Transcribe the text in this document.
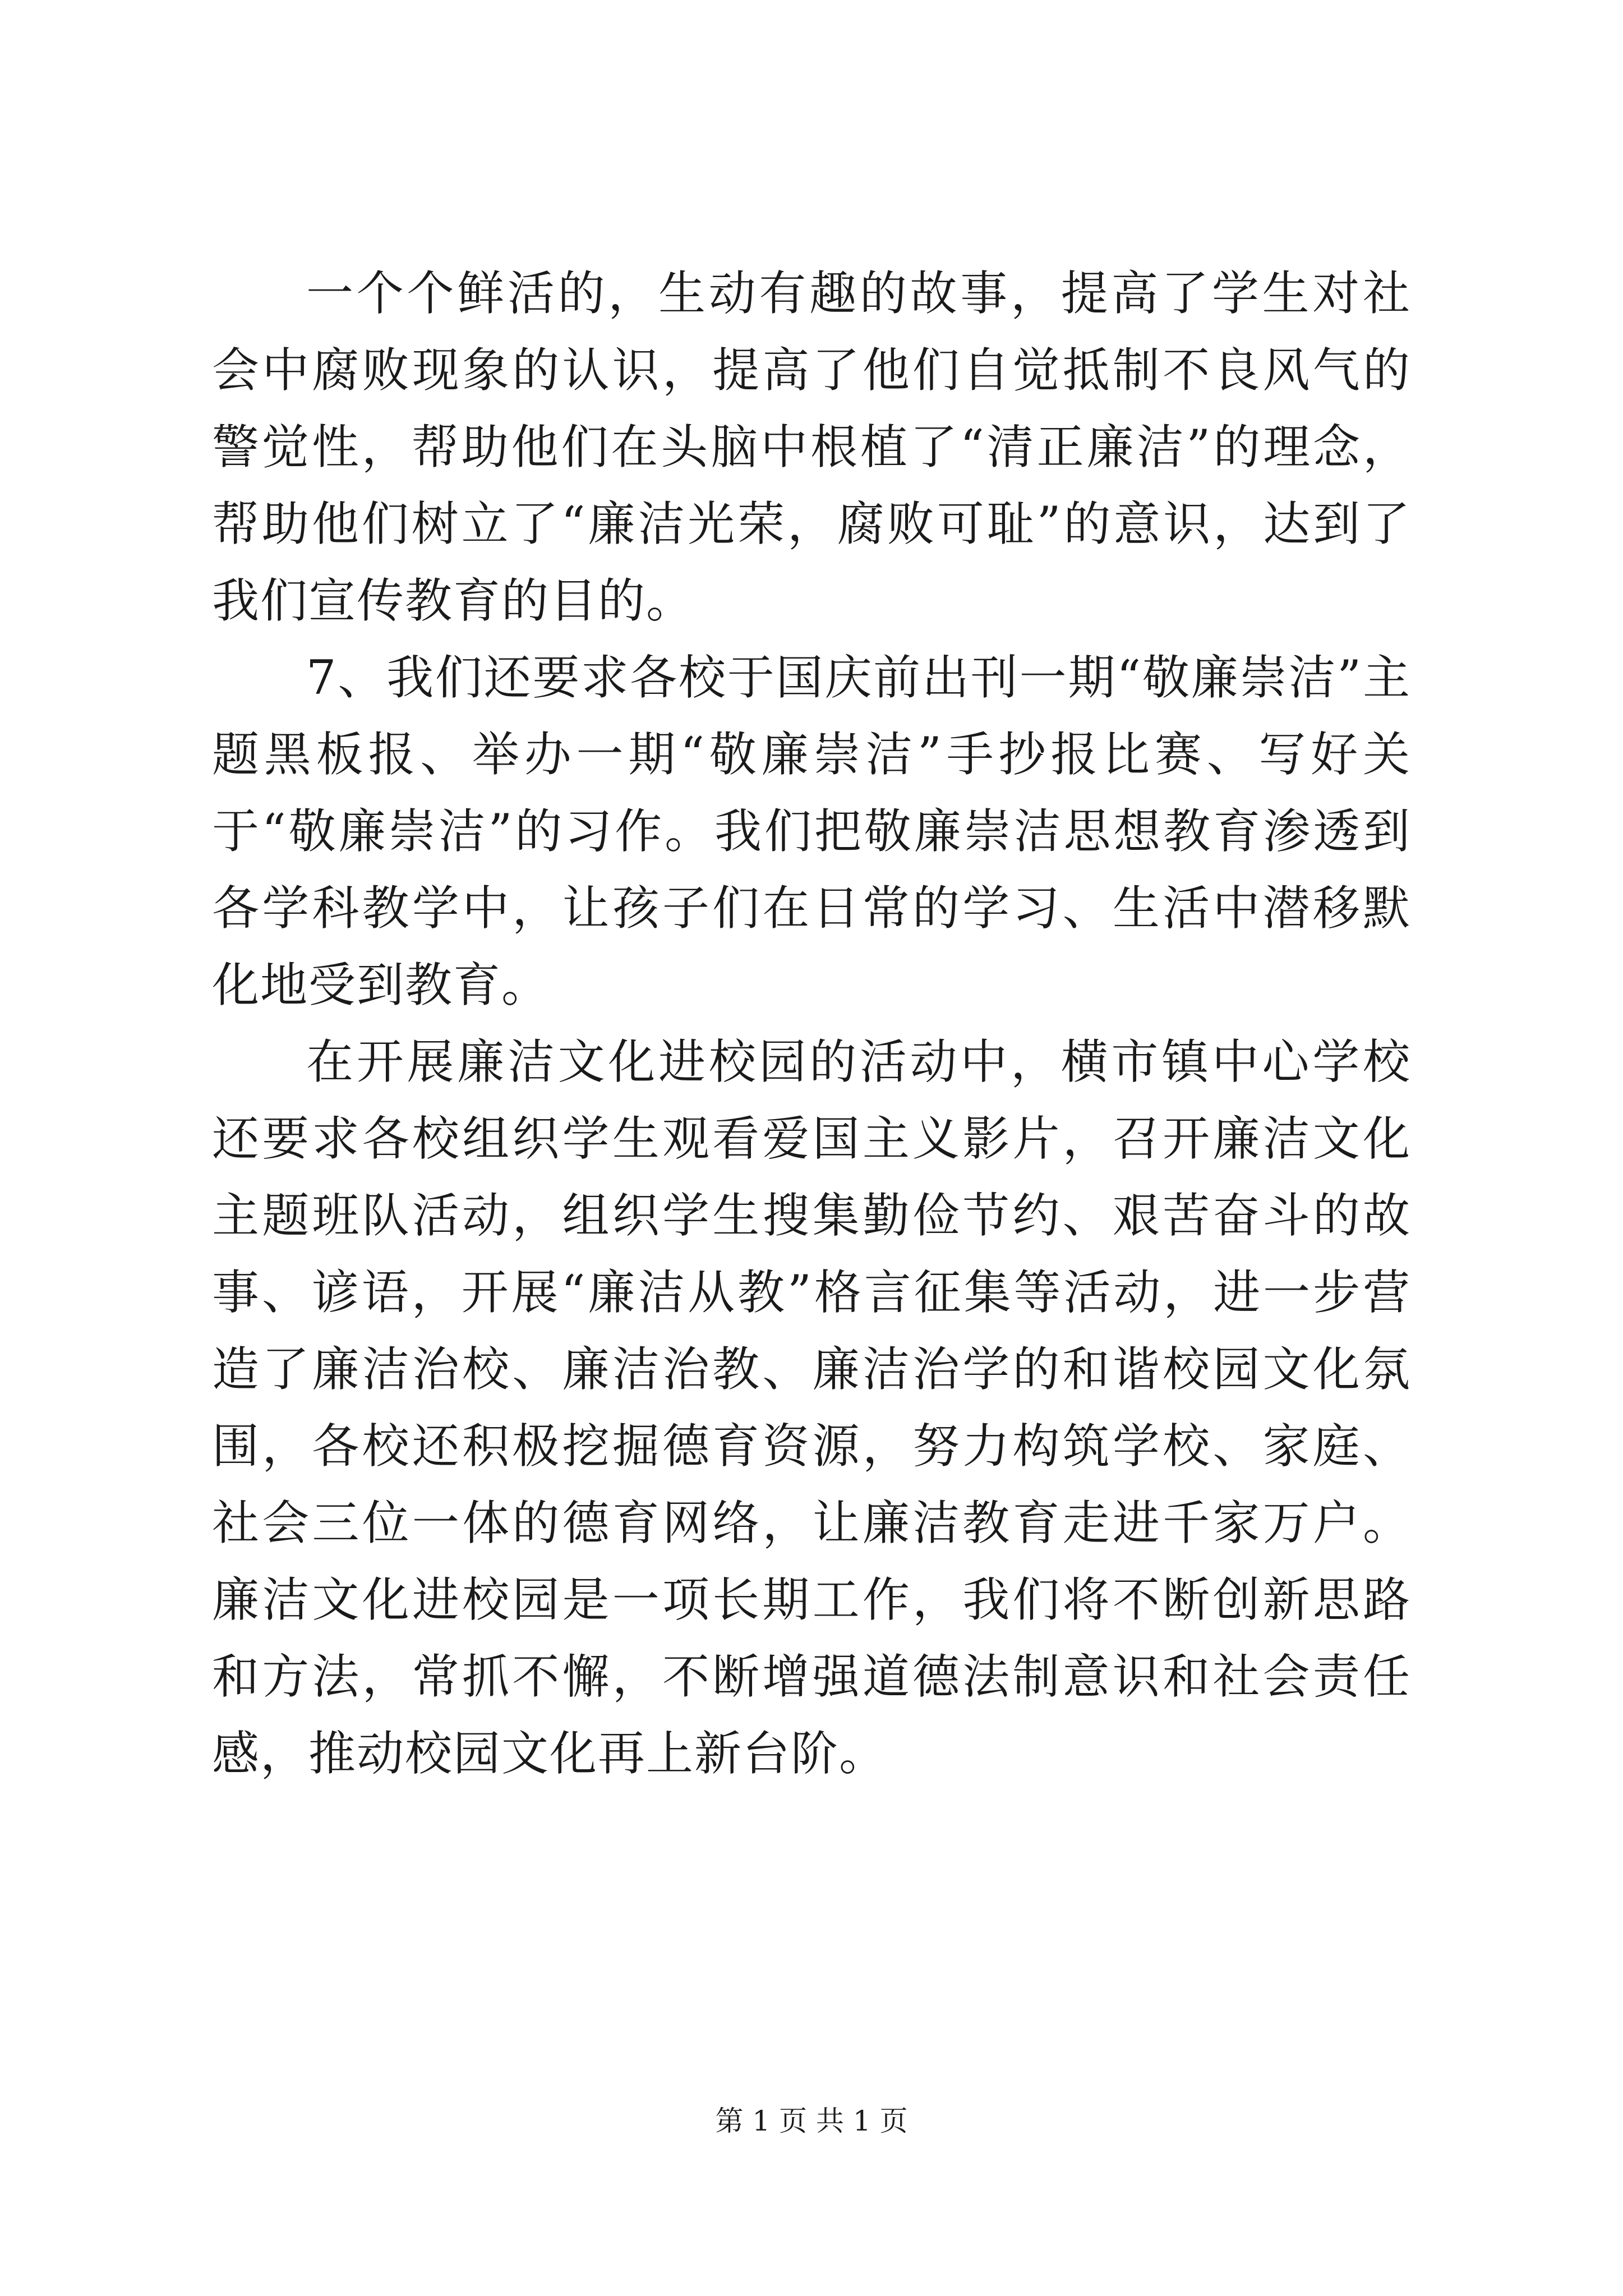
一个个鲜活的，生动有趣的故事，提高了学生对社会中腐败现象的认识，提高了他们自觉抵制不良风气的警觉性，帮助他们在头脑中根植了“清正廉洁”的理念，帮助他们树立了“廉洁光荣，腐败可耻”的意识，达到了我们宣传教育的目的。

7、我们还要求各校于国庆前出刊一期“敬廉崇洁”主题黑板报、举办一期“敬廉崇洁”手抄报比赛、写好关于“敬廉崇洁”的习作。我们把敬廉崇洁思想教育渗透到各学科教学中，让孩子们在日常的学习、生活中潜移默化地受到教育。

在开展廉洁文化进校园的活动中，横市镇中心学校还要求各校组织学生观看爱国主义影片，召开廉洁文化主题班队活动，组织学生搜集勤俭节约、艰苦奋斗的故事、谚语，开展“廉洁从教”格言征集等活动，进一步营造了廉洁治校、廉洁治教、廉洁治学的和谐校园文化氛围，各校还积极挖掘德育资源，努力构筑学校、家庭、社会三位一体的德育网络，让廉洁教育走进千家万户。廉洁文化进校园是一项长期工作，我们将不断创新思路和方法，常抓不懈，不断增强道德法制意识和社会责任感，推动校园文化再上新台阶。

第 1 页 共 1 页
